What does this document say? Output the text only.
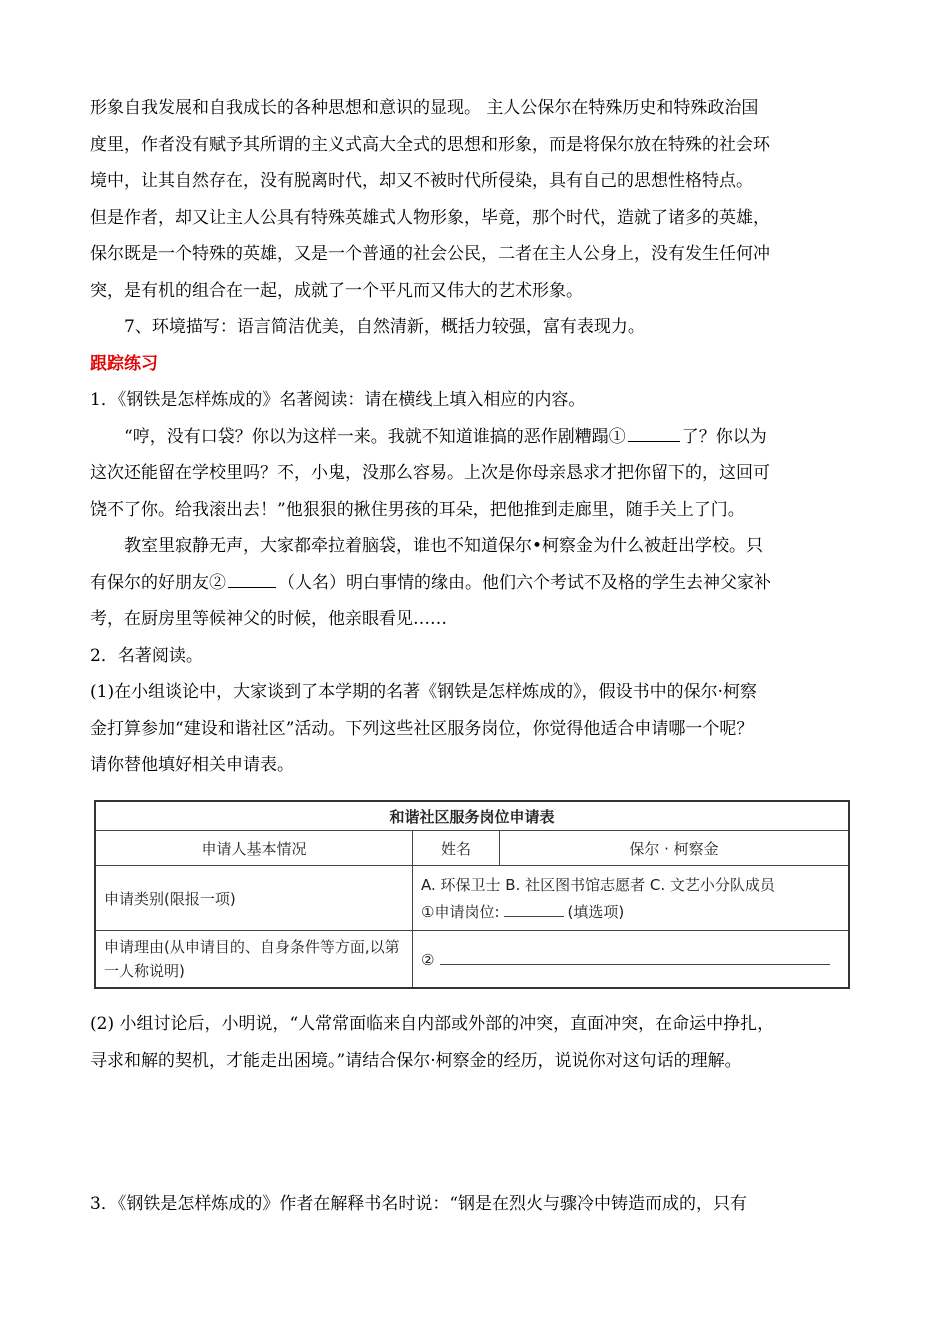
形象自我发展和自我成长的各种思想和意识的显现。 主人公保尔在特殊历史和特殊政治国

度里，作者没有赋予其所谓的主义式高大全式的思想和形象，而是将保尔放在特殊的社会环

境中，让其自然存在，没有脱离时代，却又不被时代所侵染，具有自己的思想性格特点。

但是作者，却又让主人公具有特殊英雄式人物形象，毕竟，那个时代，造就了诸多的英雄，

保尔既是一个特殊的英雄，又是一个普通的社会公民，二者在主人公身上，没有发生任何冲

突，是有机的组合在一起，成就了一个平凡而又伟大的艺术形象。

7、环境描写：语言简洁优美，自然清新，概括力较强，富有表现力。

跟踪练习

1．《钢铁是怎样炼成的》名著阅读：请在横线上填入相应的内容。

“哼，没有口袋？你以为这样一来。我就不知道谁搞的恶作剧糟蹋①	了？你以为

这次还能留在学校里吗？不，小鬼，没那么容易。上次是你母亲恳求才把你留下的，这回可

饶不了你。给我滚出去！”他狠狠的揪住男孩的耳朵，把他推到走廊里，随手关上了门。

教室里寂静无声，大家都牵拉着脑袋，谁也不知道保尔•柯察金为什么被赶出学校。只

有保尔的好朋友②	（人名）明白事情的缘由。他们六个考试不及格的学生去神父家补

考，在厨房里等候神父的时候，他亲眼看见……

2．名著阅读。

(1)在小组谈论中，大家谈到了本学期的名著《钢铁是怎样炼成的》，假设书中的保尔·柯察

金打算参加“建设和谐社区”活动。下列这些社区服务岗位，你觉得他适合申请哪一个呢？

请你替他填好相关申请表。

和谐社区服务岗位申请表		
申请人基本情况	姓名	保尔 · 柯察金
申请类别(限报一项)	A. 环保卫士 B. 社区图书馆志愿者 C. 文艺小分队成员
①申请岗位: (填选项)	

申请理由(从申请目的、自身条件等方面,以第一人称说明)	②	

(2) 小组讨论后，小明说，“人常常面临来自内部或外部的冲突，直面冲突，在命运中挣扎，

寻求和解的契机，才能走出困境。”请结合保尔·柯察金的经历，说说你对这句话的理解。

3．《钢铁是怎样炼成的》作者在解释书名时说：“钢是在烈火与骤冷中铸造而成的，只有
